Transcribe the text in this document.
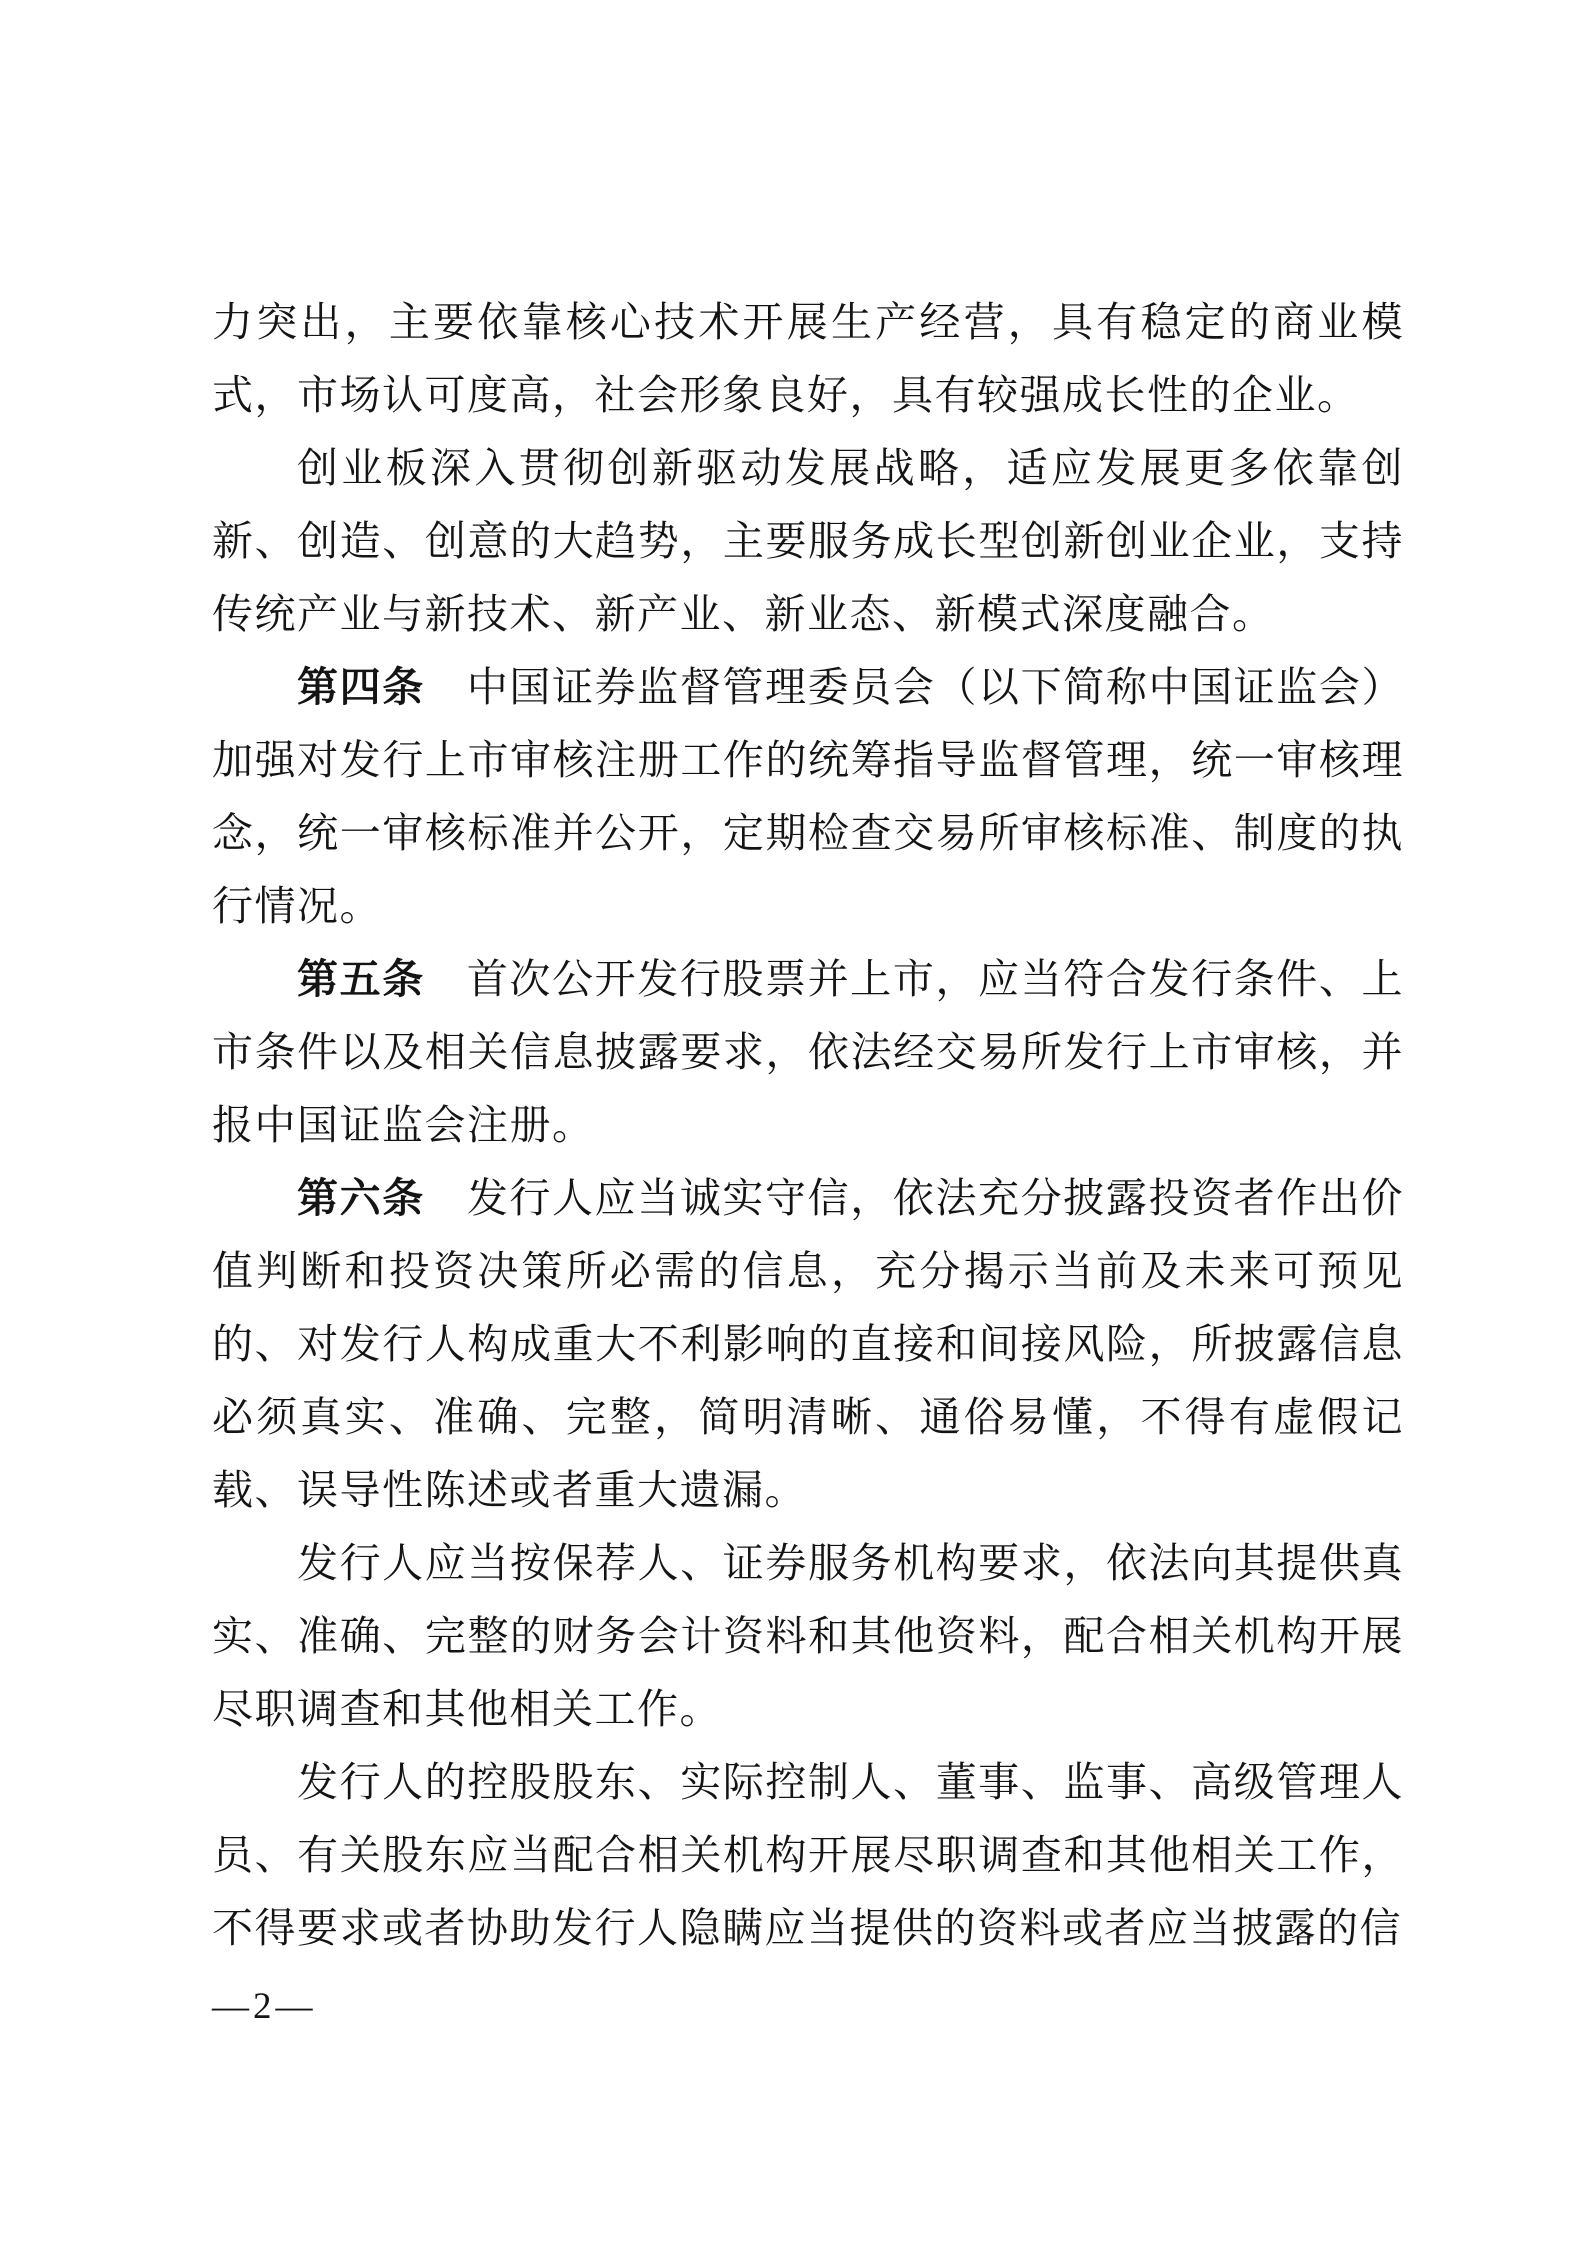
力突出，主要依靠核心技术开展生产经营，具有稳定的商业模式，市场认可度高，社会形象良好，具有较强成长性的企业。

创业板深入贯彻创新驱动发展战略，适应发展更多依靠创新、创造、创意的大趋势，主要服务成长型创新创业企业，支持传统产业与新技术、新产业、新业态、新模式深度融合。

第四条 中国证券监督管理委员会（以下简称中国证监会）加强对发行上市审核注册工作的统筹指导监督管理，统一审核理念，统一审核标准并公开，定期检查交易所审核标准、制度的执行情况。

第五条 首次公开发行股票并上市，应当符合发行条件、上市条件以及相关信息披露要求，依法经交易所发行上市审核，并报中国证监会注册。

第六条 发行人应当诚实守信，依法充分披露投资者作出价值判断和投资决策所必需的信息，充分揭示当前及未来可预见的、对发行人构成重大不利影响的直接和间接风险，所披露信息必须真实、准确、完整，简明清晰、通俗易懂，不得有虚假记载、误导性陈述或者重大遗漏。

发行人应当按保荐人、证券服务机构要求，依法向其提供真实、准确、完整的财务会计资料和其他资料，配合相关机构开展尽职调查和其他相关工作。

发行人的控股股东、实际控制人、董事、监事、高级管理人员、有关股东应当配合相关机构开展尽职调查和其他相关工作，不得要求或者协助发行人隐瞒应当提供的资料或者应当披露的信

—2—
